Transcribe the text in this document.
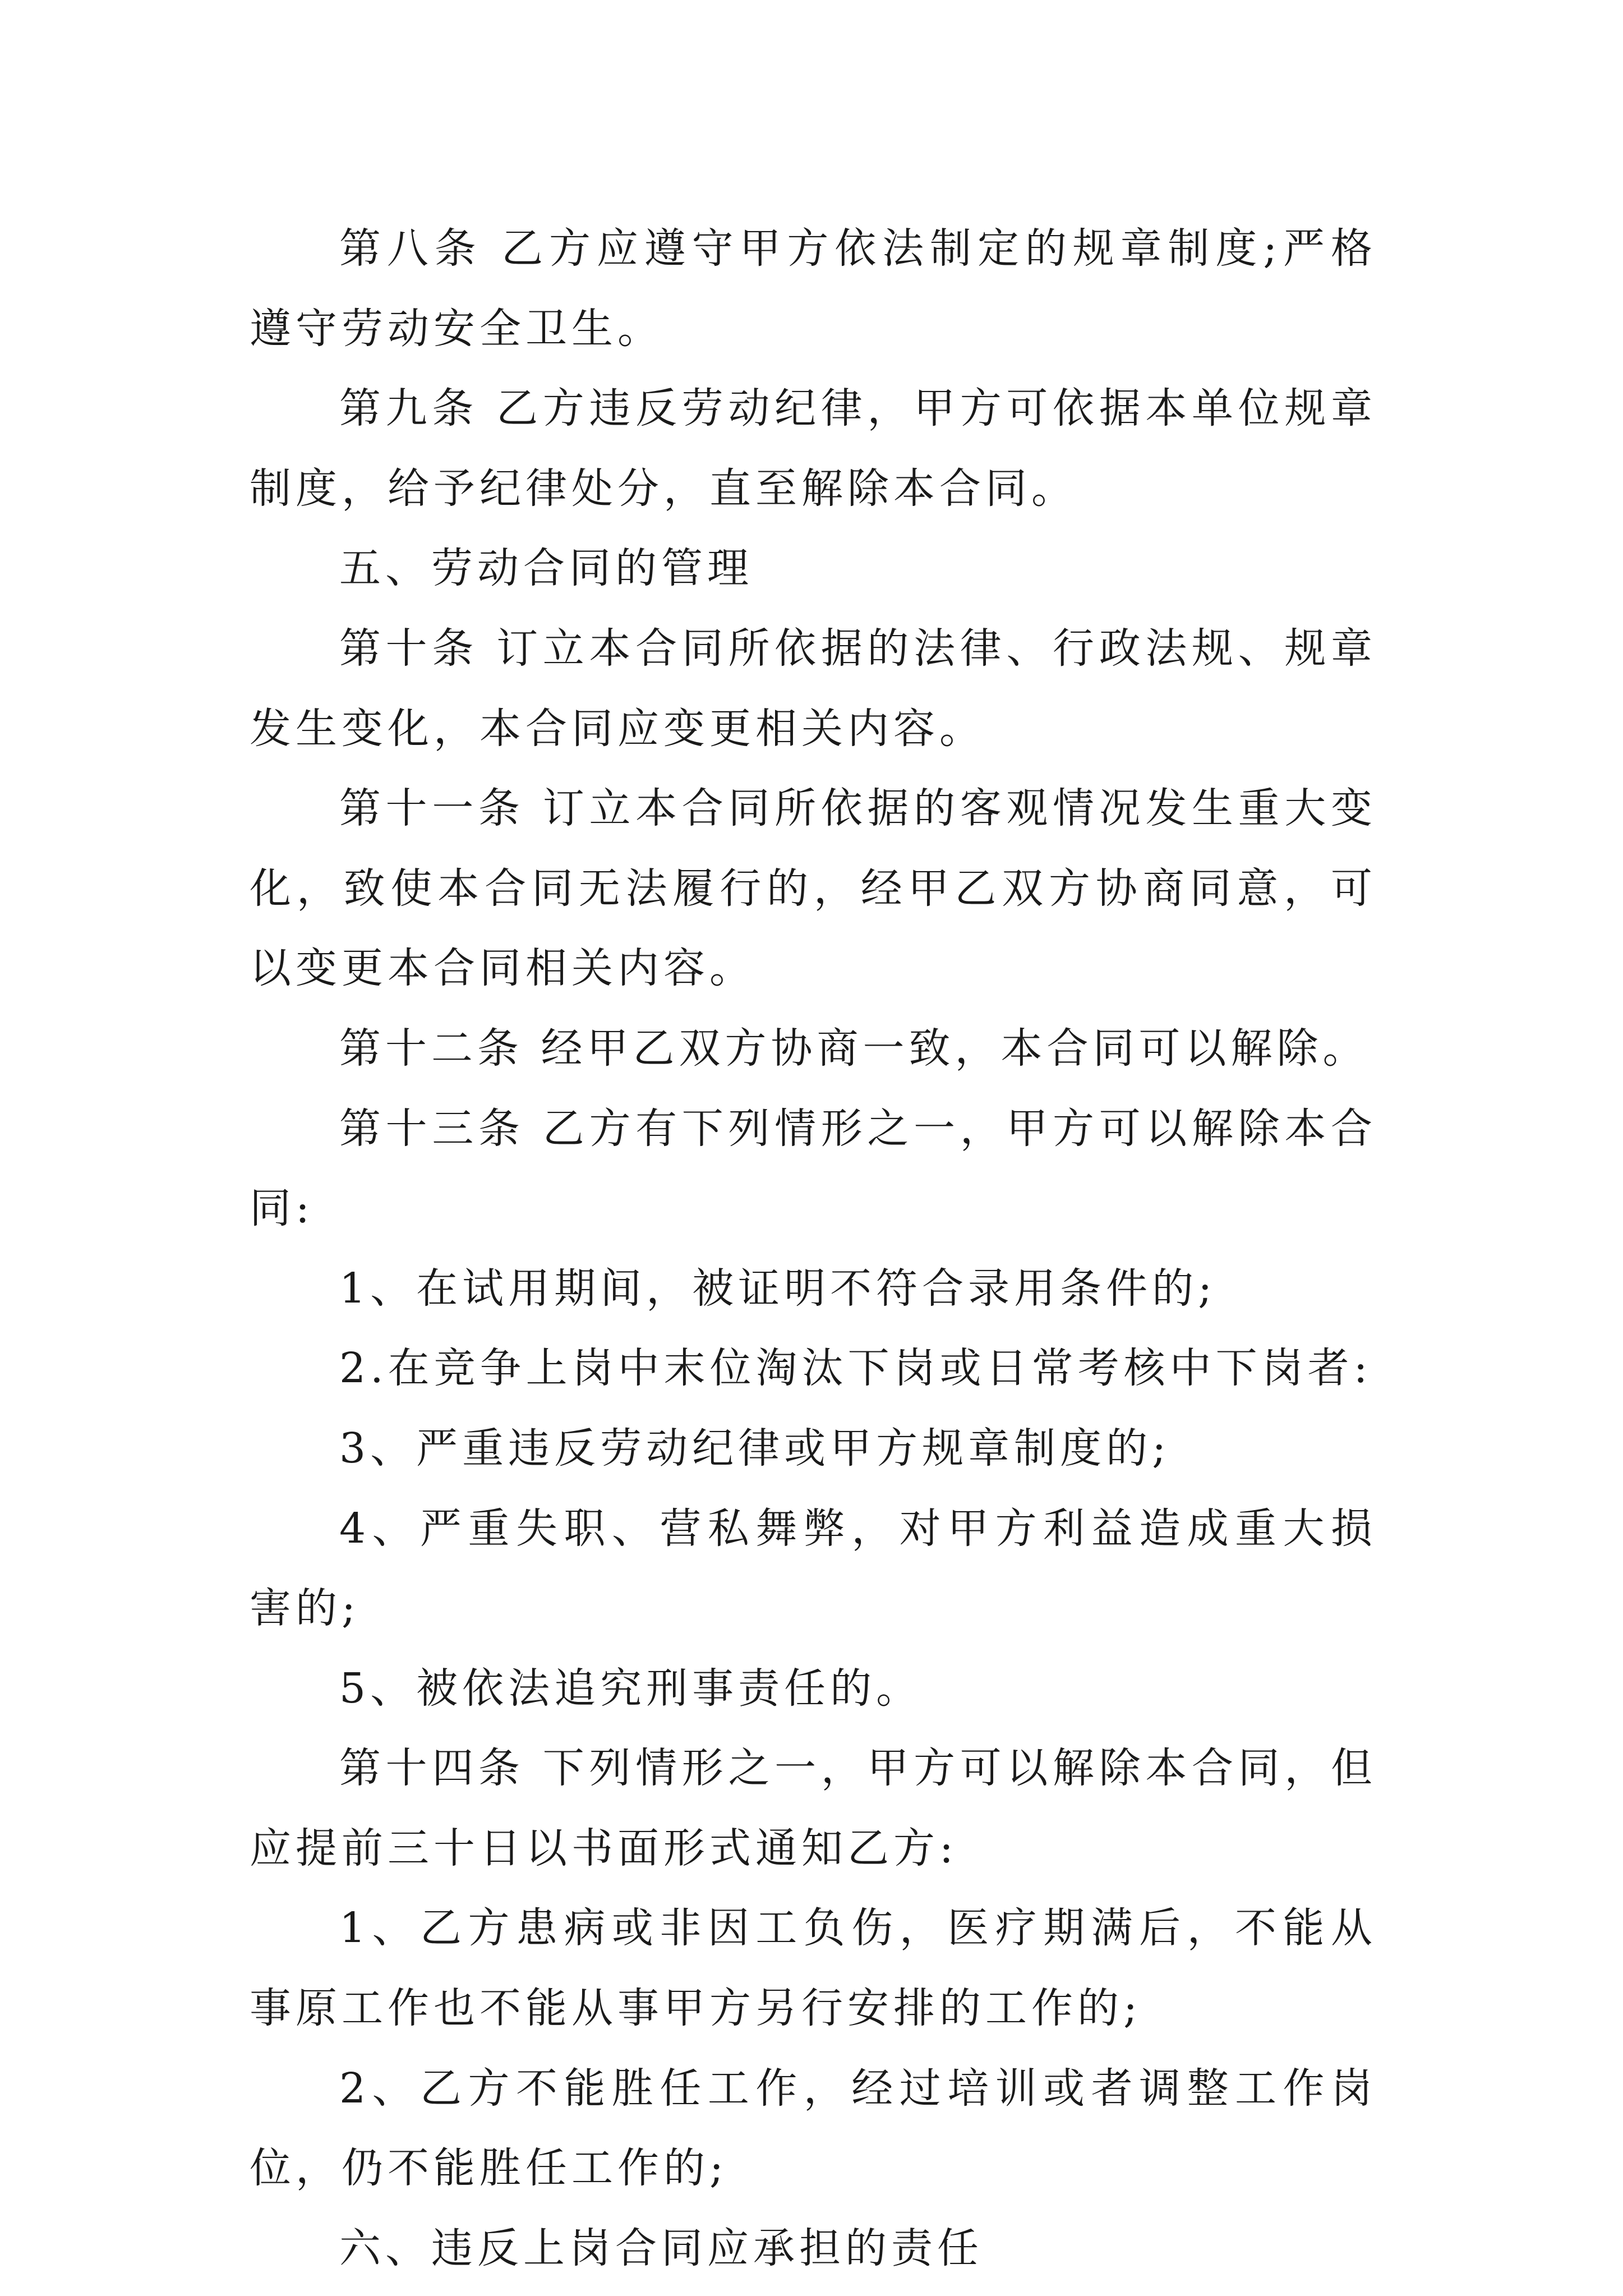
第八条 乙方应遵守甲方依法制定的规章制度;严格遵守劳动安全卫生。

第九条 乙方违反劳动纪律，甲方可依据本单位规章制度，给予纪律处分，直至解除本合同。

五、劳动合同的管理

第十条 订立本合同所依据的法律、行政法规、规章发生变化，本合同应变更相关内容。

第十一条 订立本合同所依据的客观情况发生重大变化，致使本合同无法履行的，经甲乙双方协商同意，可以变更本合同相关内容。

第十二条 经甲乙双方协商一致，本合同可以解除。

第十三条 乙方有下列情形之一，甲方可以解除本合同:

1、在试用期间，被证明不符合录用条件的;

2.在竞争上岗中末位淘汰下岗或日常考核中下岗者:

3、严重违反劳动纪律或甲方规章制度的;

4、严重失职、营私舞弊，对甲方利益造成重大损害的;

5、被依法追究刑事责任的。

第十四条 下列情形之一，甲方可以解除本合同，但应提前三十日以书面形式通知乙方:

1、乙方患病或非因工负伤，医疗期满后，不能从事原工作也不能从事甲方另行安排的工作的;

2、乙方不能胜任工作，经过培训或者调整工作岗位，仍不能胜任工作的;

六、违反上岗合同应承担的责任
